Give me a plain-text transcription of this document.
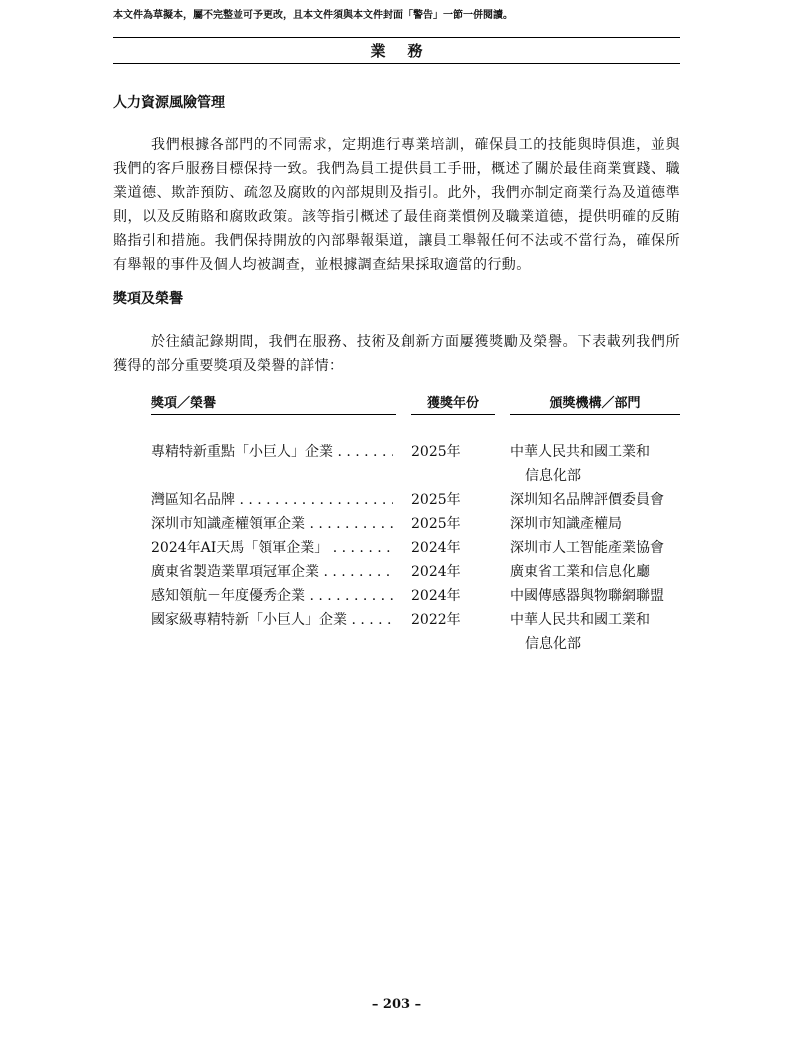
本文件為草擬本，屬不完整並可予更改，且本文件須與本文件封面「警告」一節一併閱讀。
業務
人力資源風險管理
我們根據各部門的不同需求，定期進行專業培訓，確保員工的技能與時俱進，並與我們的客戶服務目標保持一致。我們為員工提供員工手冊，概述了關於最佳商業實踐、職業道德、欺詐預防、疏忽及腐敗的內部規則及指引。此外，我們亦制定商業行為及道德準則，以及反賄賂和腐敗政策。該等指引概述了最佳商業慣例及職業道德，提供明確的反賄賂指引和措施。我們保持開放的內部舉報渠道，讓員工舉報任何不法或不當行為，確保所有舉報的事件及個人均被調查，並根據調查結果採取適當的行動。
獎項及榮譽
於往績記錄期間，我們在服務、技術及創新方面屢獲獎勵及榮譽。下表載列我們所獲得的部分重要獎項及榮譽的詳情：
獎項／榮譽	獲獎年份	頒獎機構／部門
專精特新重點「小巨人」企業 . . .	2025年	中華人民共和國工業和
信息化部
灣區知名品牌 . . .	2025年	深圳知名品牌評價委員會
深圳市知識產權領軍企業 . . .	2025年	深圳市知識產權局
2024年AI天馬「領軍企業」 . . .	2024年	深圳市人工智能產業協會
廣東省製造業單項冠軍企業 . . .	2024年	廣東省工業和信息化廳
感知領航－年度優秀企業 . . .	2024年	中國傳感器與物聯網聯盟
國家級專精特新「小巨人」企業 . . .	2022年	中華人民共和國工業和
信息化部
– 203 –
